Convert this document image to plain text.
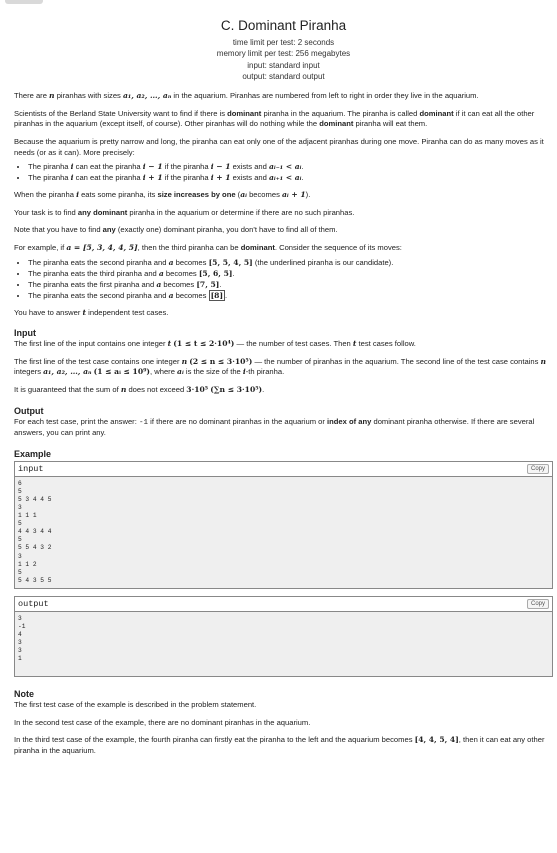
C. Dominant Piranha
time limit per test: 2 seconds
memory limit per test: 256 megabytes
input: standard input
output: standard output

There are n piranhas with sizes a₁, a₂, …, aₙ in the aquarium. Piranhas are numbered from left to right in order they live in the aquarium.

Scientists of the Berland State University want to find if there is dominant piranha in the aquarium. The piranha is called dominant if it can eat all the other piranhas in the aquarium (except itself, of course). Other piranhas will do nothing while the dominant piranha will eat them.

Because the aquarium is pretty narrow and long, the piranha can eat only one of the adjacent piranhas during one move. Piranha can do as many moves as it needs (or as it can). More precisely:

• The piranha i can eat the piranha i − 1 if the piranha i − 1 exists and aᵢ₋₁ < aᵢ.
• The piranha i can eat the piranha i + 1 if the piranha i + 1 exists and aᵢ₊₁ < aᵢ.

When the piranha i eats some piranha, its size increases by one (aᵢ becomes aᵢ + 1).

Your task is to find any dominant piranha in the aquarium or determine if there are no such piranhas.

Note that you have to find any (exactly one) dominant piranha, you don't have to find all of them.

For example, if a = [5, 3, 4, 4, 5], then the third piranha can be dominant. Consider the sequence of its moves:

• The piranha eats the second piranha and a becomes [5, 5, 4, 5] (the underlined piranha is our candidate).
• The piranha eats the third piranha and a becomes [5, 6, 5].
• The piranha eats the first piranha and a becomes [7, 5].
• The piranha eats the second piranha and a becomes [8] .

You have to answer t independent test cases.

Input

The first line of the input contains one integer t (1 ≤ t ≤ 2·10⁴) — the number of test cases. Then t test cases follow.

The first line of the test case contains one integer n (2 ≤ n ≤ 3·10⁵) — the number of piranhas in the aquarium. The second line of the test case contains n integers a₁, a₂, …, aₙ (1 ≤ aᵢ ≤ 10⁹), where aᵢ is the size of the i-th piranha.

It is guaranteed that the sum of n does not exceed 3·10⁵ (∑n ≤ 3·10⁵).

Output

For each test case, print the answer: -1 if there are no dominant piranhas in the aquarium or index of any dominant piranha otherwise. If there are several answers, you can print any.

Example
input	Copy
6
5
5 3 4 4 5
3
1 1 1
5
4 4 3 4 4
5
5 5 4 3 2
3
1 1 2
5
5 4 3 5 5
output	Copy
3
-1
4
3
3
1
Note

The first test case of the example is described in the problem statement.

In the second test case of the example, there are no dominant piranhas in the aquarium.

In the third test case of the example, the fourth piranha can firstly eat the piranha to the left and the aquarium becomes [4, 4, 5, 4], then it can eat any other piranha in the aquarium.
